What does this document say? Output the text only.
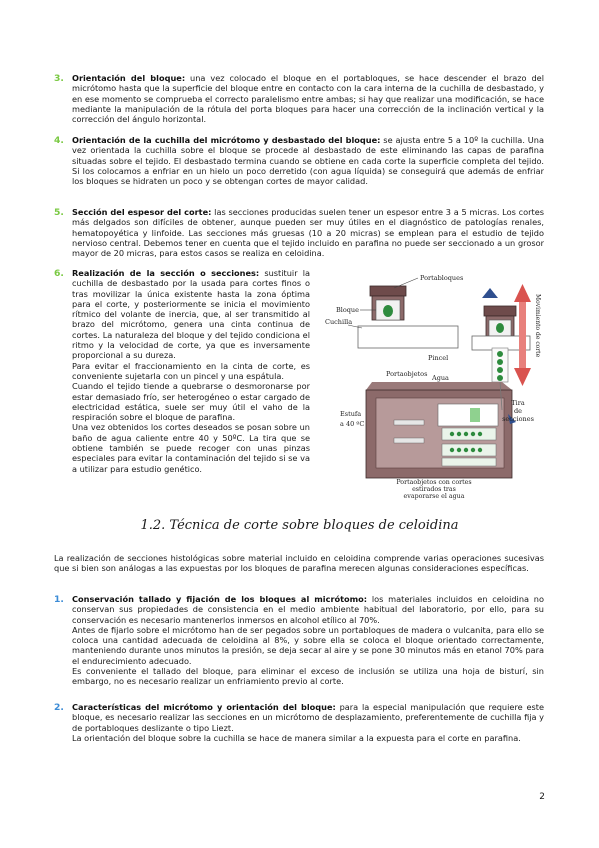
3. Orientación del bloque: una vez colocado el bloque en el portabloques, se hace descender el brazo del micrótomo hasta que la superficie del bloque entre en contacto con la cara interna de la cuchilla de desbastado, y en ese momento se comprueba el correcto paralelismo entre ambas; si hay que realizar una modificación, se hace mediante la manipulación de la rótula del porta bloques para hacer una corrección de la inclinación vertical y la corrección del ángulo horizontal.
4. Orientación de la cuchilla del micrótomo y desbastado del bloque: se ajusta entre 5 a 10º la cuchilla. Una vez orientada la cuchilla sobre el bloque se procede al desbastado de este eliminando las capas de parafina situadas sobre el tejido. El desbastado termina cuando se obtiene en cada corte la superficie completa del tejido. Si los colocamos a enfriar en un hielo un poco derretido (con agua líquida) se conseguirá que además de enfriar los bloques se hidraten un poco y se obtengan cortes de mayor calidad.
5. Sección del espesor del corte: las secciones producidas suelen tener un espesor entre 3 a 5 micras. Los cortes más delgados son difíciles de obtener, aunque pueden ser muy útiles en el diagnóstico de patologías renales, hematopoyética y linfoide. Las secciones más gruesas (10 a 20 micras) se emplean para el estudio de tejido nervioso central. Debemos tener en cuenta que el tejido incluido en parafina no puede ser seccionado a un grosor mayor de 20 micras, para estos casos se realiza en celoidina.
6. Realización de la sección o secciones: sustituir la cuchilla de desbastado por la usada para cortes finos o tras movilizar la única existente hasta la zona óptima para el corte, y posteriormente se inicia el movimiento rítmico del volante de inercia, que, al ser transmitido al brazo del micrótomo, genera una cinta continua de cortes. La naturaleza del bloque y del tejido condiciona el ritmo y la velocidad de corte, ya que es inversamente proporcional a su dureza.
Para evitar el fraccionamiento en la cinta de corte, es conveniente sujetarla con un pincel y una espátula.
Cuando el tejido tiende a quebrarse o desmoronarse por estar demasiado frío, ser heterogéneo o estar cargado de electricidad estática, suele ser muy útil el vaho de la respiración sobre el bloque de parafina.
Una vez obtenidos los cortes deseados se posan sobre un baño de agua caliente entre 40 y 50ºC. La tira que se obtiene también se puede recoger con unas pinzas especiales para evitar la contaminación del tejido si se va a utilizar para estudio genético.
Portabloques
Bloque
Cuchilla
Pincel
Movimiento de corte
Portaobjetos Agua
Estufa
a 40 ºC
Tira
de
secciones
Portaobjetos con cortes
estirados tras
evaporarse el agua
1.2. Técnica de corte sobre bloques de celoidina
La realización de secciones histológicas sobre material incluido en celoidina comprende varias operaciones sucesivas que si bien son análogas a las expuestas por los bloques de parafina merecen algunas consideraciones específicas.
1. Conservación tallado y fijación de los bloques al micrótomo: los materiales incluidos en celoidina no conservan sus propiedades de consistencia en el medio ambiente habitual del laboratorio, por ello, para su conservación es necesario mantenerlos inmersos en alcohol etílico al 70%.
Antes de fijarlo sobre el micrótomo han de ser pegados sobre un portabloques de madera o vulcanita, para ello se coloca una cantidad adecuada de celoidina al 8%, y sobre ella se coloca el bloque orientado correctamente, manteniendo durante unos minutos la presión, se deja secar al aire y se pone 30 minutos más en etanol 70% para el endurecimiento adecuado.
Es conveniente el tallado del bloque, para eliminar el exceso de inclusión se utiliza una hoja de bisturí, sin embargo, no es necesario realizar un enfriamiento previo al corte.
2. Características del micrótomo y orientación del bloque: para la especial manipulación que requiere este bloque, es necesario realizar las secciones en un micrótomo de desplazamiento, preferentemente de cuchilla fija y de portabloques deslizante o tipo Liezt.
La orientación del bloque sobre la cuchilla se hace de manera similar a la expuesta para el corte en parafina.
2
